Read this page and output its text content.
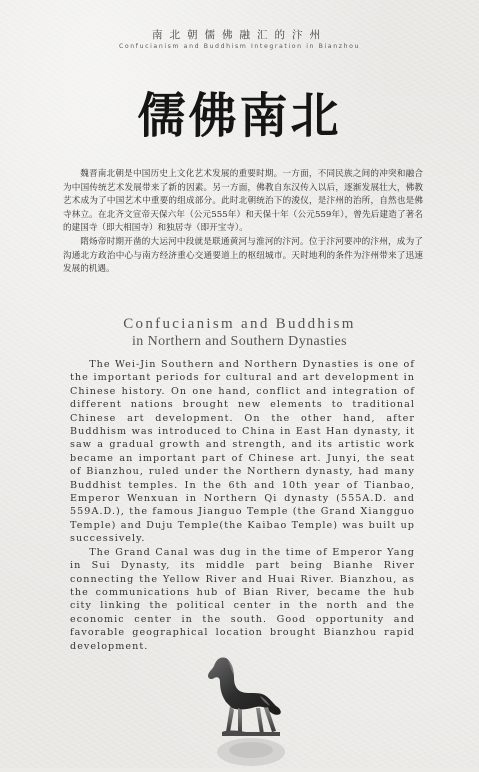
南北朝儒佛融汇的汴州
Confucianism and Buddhism Integration in Bianzhou
儒佛南北

魏晋南北朝是中国历史上文化艺术发展的重要时期。一方面，不同民族之间的冲突和融合为中国传统艺术发展带来了新的因素。另一方面，佛教自东汉传入以后，逐渐发展壮大，佛教艺术成为了中国艺术中重要的组成部分。此时北朝统治下的浚仪，是汴州的治所，自然也是佛寺林立。在北齐文宣帝天保六年（公元555年）和天保十年（公元559年），曾先后建造了著名的建国寺（即大相国寺）和独居寺（即开宝寺）。

隋炀帝时期开凿的大运河中段就是联通黄河与淮河的汴河。位于汴河要冲的汴州，成为了沟通北方政治中心与南方经济重心交通要道上的枢纽城市。天时地利的条件为汴州带来了迅速发展的机遇。

Confucianism and Buddhism
in Northern and Southern Dynasties

The Wei-Jin Southern and Northern Dynasties is one of the important periods for cultural and art development in Chinese history. On one hand, conflict and integration of different nations brought new elements to traditional Chinese art development. On the other hand, after Buddhism was introduced to China in East Han dynasty, it saw a gradual growth and strength, and its artistic work became an important part of Chinese art. Junyi, the seat of Bianzhou, ruled under the Northern dynasty, had many Buddhist temples. In the 6th and 10th year of Tianbao, Emperor Wenxuan in Northern Qi dynasty (555A.D. and 559A.D.), the famous Jianguo Temple (the Grand Xiangguo Temple) and Duju Temple(the Kaibao Temple) was built up successively.

The Grand Canal was dug in the time of Emperor Yang in Sui Dynasty, its middle part being Bianhe River connecting the Yellow River and Huai River. Bianzhou, as the communications hub of Bian River, became the hub city linking the political center in the north and the economic center in the south. Good opportunity and favorable geographical location brought Bianzhou rapid development.
